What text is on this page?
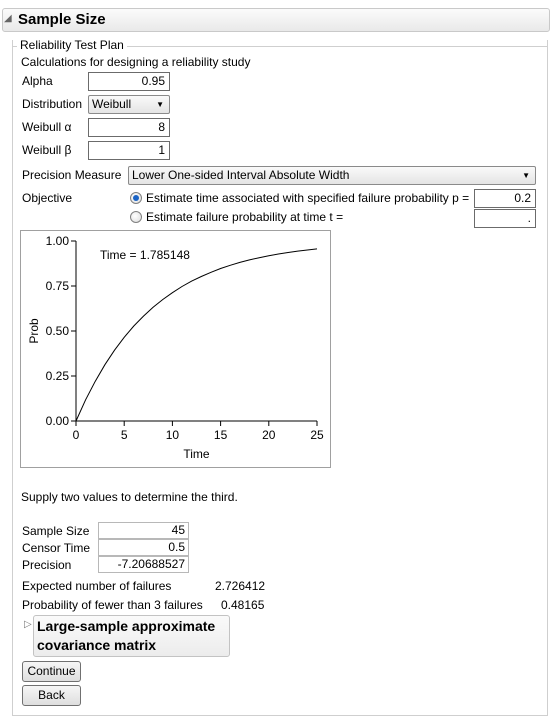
◢ Sample Size
Reliability Test Plan
Calculations for designing a reliability study
Alpha	0.95
Distribution Weibull	▼
Weibull α	8
Weibull β	1
Precision Measure Lower One-sided Interval Absolute Width	▼
Objective	Estimate time associated with specified failure probability p =	0.2
Estimate failure probability at time t =	.
0.00
0.25
0.50
0.75
1.00
0	5	10	15	20	25
Time = 1.785148
Time
Prob
Supply two values to determine the third.
Sample Size	45
Censor Time	0.5
Precision	-7.20688527
Expected number of failures	2.726412
Probability of fewer than 3 failures 0.48165
▷ Large-sample approximate
covariance matrix
Continue
Back
